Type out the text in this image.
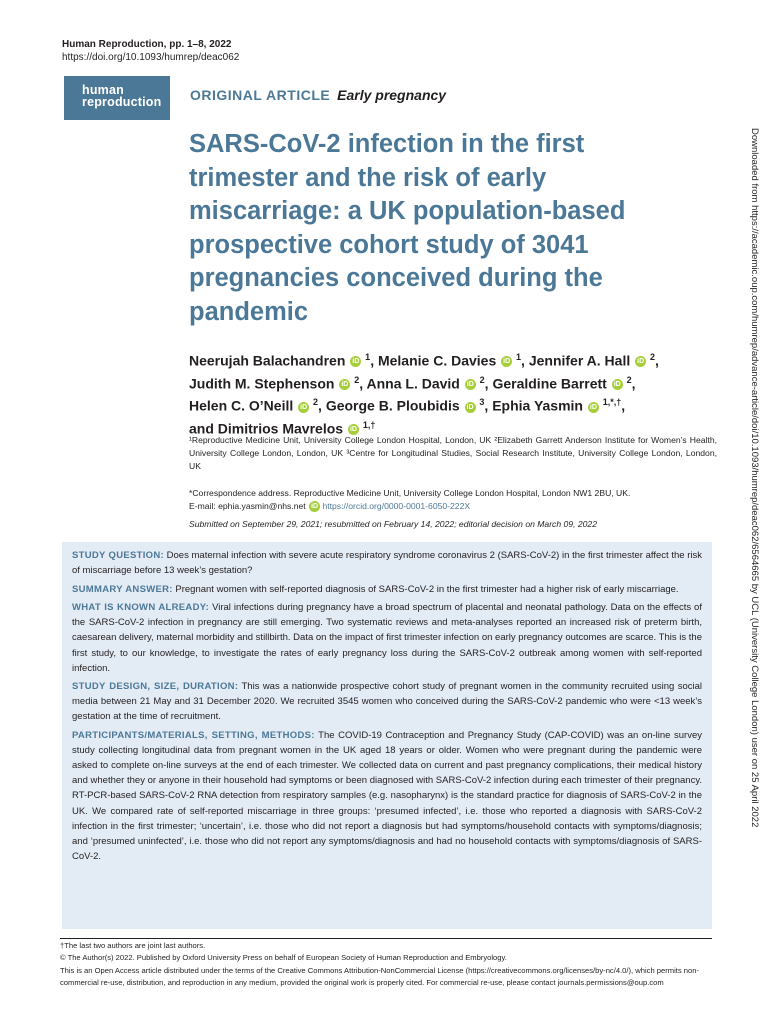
Human Reproduction, pp. 1–8, 2022
https://doi.org/10.1093/humrep/deac062
human
reproduction	ORIGINAL ARTICLE Early pregnancy
SARS-CoV-2 infection in the first trimester and the risk of early miscarriage: a UK population-based prospective cohort study of 3041 pregnancies conceived during the pandemic
Neerujah Balachandren iD $^1$, Melanie C. Davies iD $^1$, Jennifer A. Hall iD $^2$,
Judith M. Stephenson iD $^2$, Anna L. David iD $^2$, Geraldine Barrett iD $^2$,
Helen C. O’Neill iD $^2$, George B. Ploubidis iD $^3$, Ephia Yasmin iD $^{1,*,\dagger}$,
and Dimitrios Mavrelos iD $^{1,\dagger}$
¹Reproductive Medicine Unit, University College London Hospital, London, UK ²Elizabeth Garrett Anderson Institute for Women’s Health, University College London, London, UK ³Centre for Longitudinal Studies, Social Research Institute, University College London, London, UK
*Correspondence address. Reproductive Medicine Unit, University College London Hospital, London NW1 2BU, UK.
E-mail: ephia.yasmin@nhs.net iD https://orcid.org/0000-0001-6050-222X
Submitted on September 29, 2021; resubmitted on February 14, 2022; editorial decision on March 09, 2022

STUDY QUESTION: Does maternal infection with severe acute respiratory syndrome coronavirus 2 (SARS-CoV-2) in the first trimester affect the risk of miscarriage before 13 week’s gestation?

SUMMARY ANSWER: Pregnant women with self-reported diagnosis of SARS-CoV-2 in the first trimester had a higher risk of early miscarriage.

WHAT IS KNOWN ALREADY: Viral infections during pregnancy have a broad spectrum of placental and neonatal pathology. Data on the effects of the SARS-CoV-2 infection in pregnancy are still emerging. Two systematic reviews and meta-analyses reported an increased risk of preterm birth, caesarean delivery, maternal morbidity and stillbirth. Data on the impact of first trimester infection on early pregnancy outcomes are scarce. This is the first study, to our knowledge, to investigate the rates of early pregnancy loss during the SARS-CoV-2 outbreak among women with self-reported infection.

STUDY DESIGN, SIZE, DURATION: This was a nationwide prospective cohort study of pregnant women in the community recruited using social media between 21 May and 31 December 2020. We recruited 3545 women who conceived during the SARS-CoV-2 pandemic who were <13 week’s gestation at the time of recruitment.

PARTICIPANTS/MATERIALS, SETTING, METHODS: The COVID-19 Contraception and Pregnancy Study (CAP-COVID) was an on-line survey study collecting longitudinal data from pregnant women in the UK aged 18 years or older. Women who were pregnant during the pandemic were asked to complete on-line surveys at the end of each trimester. We collected data on current and past pregnancy complications, their medical history and whether they or anyone in their household had symptoms or been diagnosed with SARS-CoV-2 infection during each trimester of their pregnancy. RT-PCR-based SARS-CoV-2 RNA detection from respiratory samples (e.g. nasopharynx) is the standard practice for diagnosis of SARS-CoV-2 in the UK. We compared rate of self-reported miscarriage in three groups: ‘presumed infected’, i.e. those who reported a diagnosis with SARS-CoV-2 infection in the first trimester; ‘uncertain’, i.e. those who did not report a diagnosis but had symptoms/household contacts with symptoms/diagnosis; and ‘presumed uninfected’, i.e. those who did not report any symptoms/diagnosis and had no household contacts with symptoms/diagnosis of SARS-CoV-2.

†The last two authors are joint last authors.

© The Author(s) 2022. Published by Oxford University Press on behalf of European Society of Human Reproduction and Embryology.

This is an Open Access article distributed under the terms of the Creative Commons Attribution-NonCommercial License (https://creativecommons.org/licenses/by-nc/4.0/), which permits non-commercial re-use, distribution, and reproduction in any medium, provided the original work is properly cited. For commercial re-use, please contact journals.permissions@oup.com

Downloaded from https://academic.oup.com/humrep/advance-article/doi/10.1093/humrep/deac062/6564665 by UCL (University College London) user on 25 April 2022
